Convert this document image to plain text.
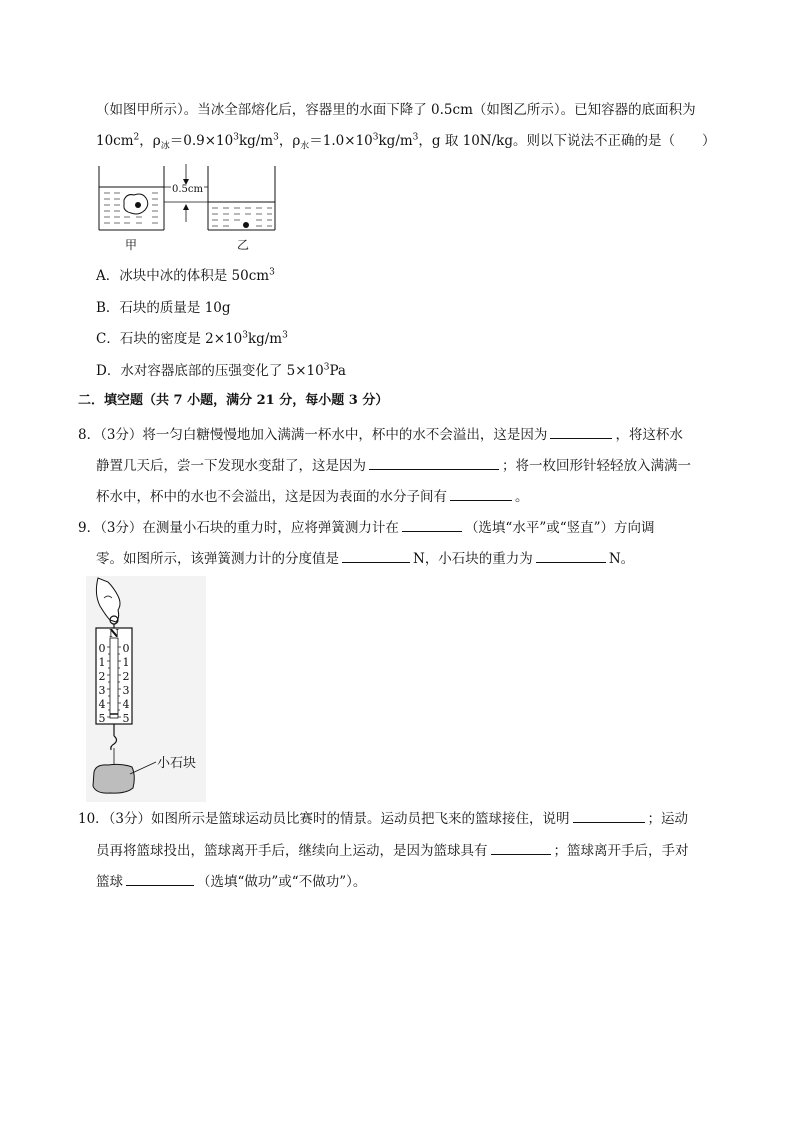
（如图甲所示）。当冰全部熔化后，容器里的水面下降了 0.5cm（如图乙所示）。已知容器的底面积为
$10cm^2$，$\rho_冰=0.9\times 10^3kg/m^3$，$\rho_水=1.0\times 10^3kg/m^3$，g 取 10N/kg。则以下说法不正确的是（　　）
0.5cm
甲	乙
A．冰块中冰的体积是 $50cm^3$
B．石块的质量是 10g
C．石块的密度是 $2\times 10^3kg/m^3$
D．水对容器底部的压强变化了 $5\times 10^3Pa$
二．填空题（共 7 小题，满分 21 分，每小题 3 分）
8．（3分）将一匀白糖慢慢地加入满满一杯水中，杯中的水不会溢出，这是因为	，将这杯水
静置几天后，尝一下发现水变甜了，这是因为	；将一枚回形针轻轻放入满满一
杯水中，杯中的水也不会溢出，这是因为表面的水分子间有	。
9．（3分）在测量小石块的重力时，应将弹簧测力计在	（选填“水平”或“竖直”）方向调
零。如图所示，该弹簧测力计的分度值是	N，小石块的重力为	N。
0
1
2
3
4
5
0
1
2
3
4
5
N
小石块
10．（3分）如图所示是篮球运动员比赛时的情景。运动员把飞来的篮球接住，说明	；运动
员再将篮球投出，篮球离开手后，继续向上运动，是因为篮球具有	；篮球离开手后，手对
篮球	（选填“做功”或“不做功”）。
